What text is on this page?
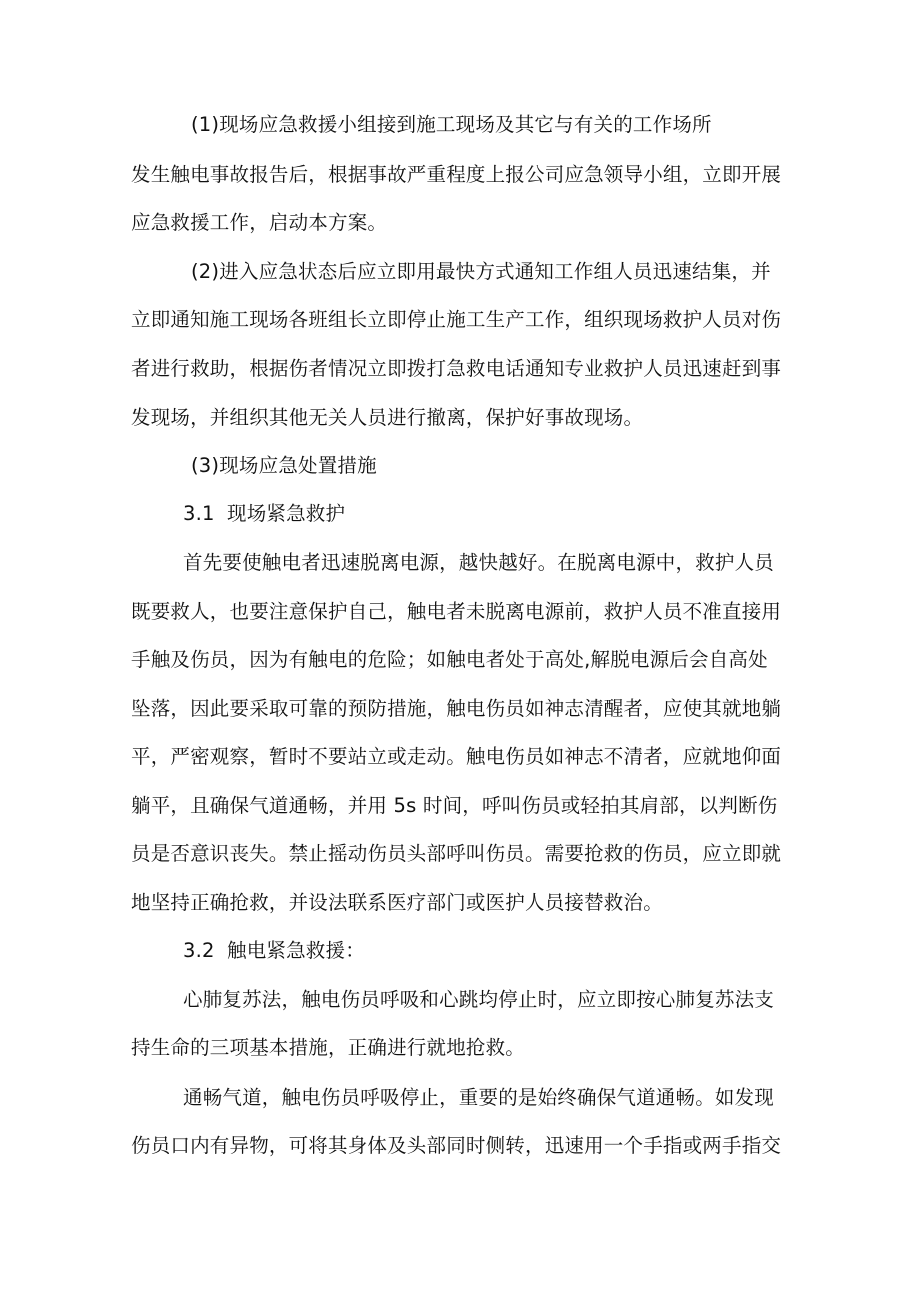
(1)现场应急救援小组接到施工现场及其它与有关的工作场所
发生触电事故报告后，根据事故严重程度上报公司应急领导小组，立即开展
应急救援工作，启动本方案。
(2)进入应急状态后应立即用最快方式通知工作组人员迅速结集，并
立即通知施工现场各班组长立即停止施工生产工作，组织现场救护人员对伤
者进行救助，根据伤者情况立即拨打急救电话通知专业救护人员迅速赶到事
发现场，并组织其他无关人员进行撤离，保护好事故现场。
(3)现场应急处置措施
3.1 现场紧急救护
首先要使触电者迅速脱离电源，越快越好。在脱离电源中，救护人员
既要救人，也要注意保护自己，触电者未脱离电源前，救护人员不准直接用
手触及伤员，因为有触电的危险；如触电者处于高处,解脱电源后会自高处
坠落，因此要采取可靠的预防措施，触电伤员如神志清醒者，应使其就地躺
平，严密观察，暂时不要站立或走动。触电伤员如神志不清者，应就地仰面
躺平，且确保气道通畅，并用 5s 时间，呼叫伤员或轻拍其肩部，以判断伤
员是否意识丧失。禁止摇动伤员头部呼叫伤员。需要抢救的伤员，应立即就
地坚持正确抢救，并设法联系医疗部门或医护人员接替救治。
3.2 触电紧急救援：
心肺复苏法，触电伤员呼吸和心跳均停止时，应立即按心肺复苏法支
持生命的三项基本措施，正确进行就地抢救。
通畅气道，触电伤员呼吸停止，重要的是始终确保气道通畅。如发现
伤员口内有异物，可将其身体及头部同时侧转，迅速用一个手指或两手指交
